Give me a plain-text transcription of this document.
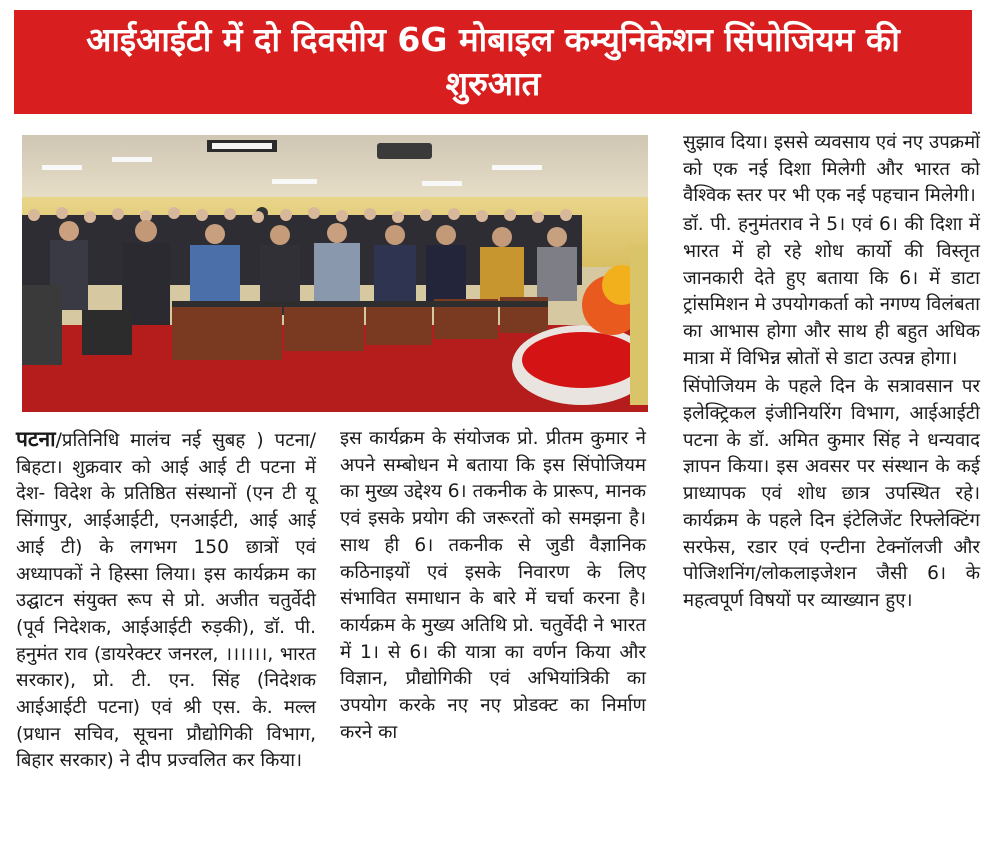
आईआईटी में दो दिवसीय 6G मोबाइल कम्युनिकेशन सिंपोजियम की शुरुआत

पटना/प्रतिनिधि मालंच नई सुबह ) पटना/बिहटा। शुक्रवार को आई आई टी पटना में देश- विदेश के प्रतिष्ठित संस्थानों (एन टी यू सिंगापुर, आईआईटी, एनआईटी, आई आई आई टी) के लगभग 150 छात्रों एवं अध्यापकों ने हिस्सा लिया। इस कार्यक्रम का उद्घाटन संयुक्त रूप से प्रो. अजीत चतुर्वेदी (पूर्व निदेशक, आईआईटी रुड़की), डॉ. पी. हनुमंत राव (डायरेक्टर जनरल, ।।।।।।, भारत सरकार), प्रो. टी. एन. सिंह (निदेशक आईआईटी पटना) एवं श्री एस. के. मल्ल (प्रधान सचिव, सूचना प्रौद्योगिकी विभाग, बिहार सरकार) ने दीप प्रज्वलित कर किया।

इस कार्यक्रम के संयोजक प्रो. प्रीतम कुमार ने अपने सम्बोधन मे बताया कि इस सिंपोजियम का मुख्य उद्देश्य 6। तकनीक के प्रारूप, मानक एवं इसके प्रयोग की जरूरतों को समझना है। साथ ही 6। तकनीक से जुडी वैज्ञानिक कठिनाइयों एवं इसके निवारण के लिए संभावित समाधान के बारे में चर्चा करना है। कार्यक्रम के मुख्य अतिथि प्रो. चतुर्वेदी ने भारत में 1। से 6। की यात्रा का वर्णन किया और विज्ञान, प्रौद्योगिकी एवं अभियांत्रिकी का उपयोग करके नए नए प्रोडक्ट का निर्माण करने का

सुझाव दिया। इससे व्यवसाय एवं नए उपक्रमों को एक नई दिशा मिलेगी और भारत को वैश्विक स्तर पर भी एक नई पहचान मिलेगी।

डॉ. पी. हनुमंतराव ने 5। एवं 6। की दिशा में भारत में हो रहे शोध कार्यो की विस्तृत जानकारी देते हुए बताया कि 6। में डाटा ट्रांसमिशन मे उपयोगकर्ता को नगण्य विलंबता का आभास होगा और साथ ही बहुत अधिक मात्रा में विभिन्न स्रोतों से डाटा उत्पन्न होगा।

सिंपोजियम के पहले दिन के सत्रावसान पर इलेक्ट्रिकल इंजीनियरिंग विभाग, आईआईटी पटना के डॉ. अमित कुमार सिंह ने धन्यवाद ज्ञापन किया। इस अवसर पर संस्थान के कई प्राध्यापक एवं शोध छात्र उपस्थित रहे। कार्यक्रम के पहले दिन इंटेलिजेंट रिफ्लेक्टिंग सरफेस, रडार एवं एन्टीना टेक्नॉलजी और पोजिशनिंग/लोकलाइजेशन जैसी 6। के महत्वपूर्ण विषयों पर व्याख्यान हुए।
